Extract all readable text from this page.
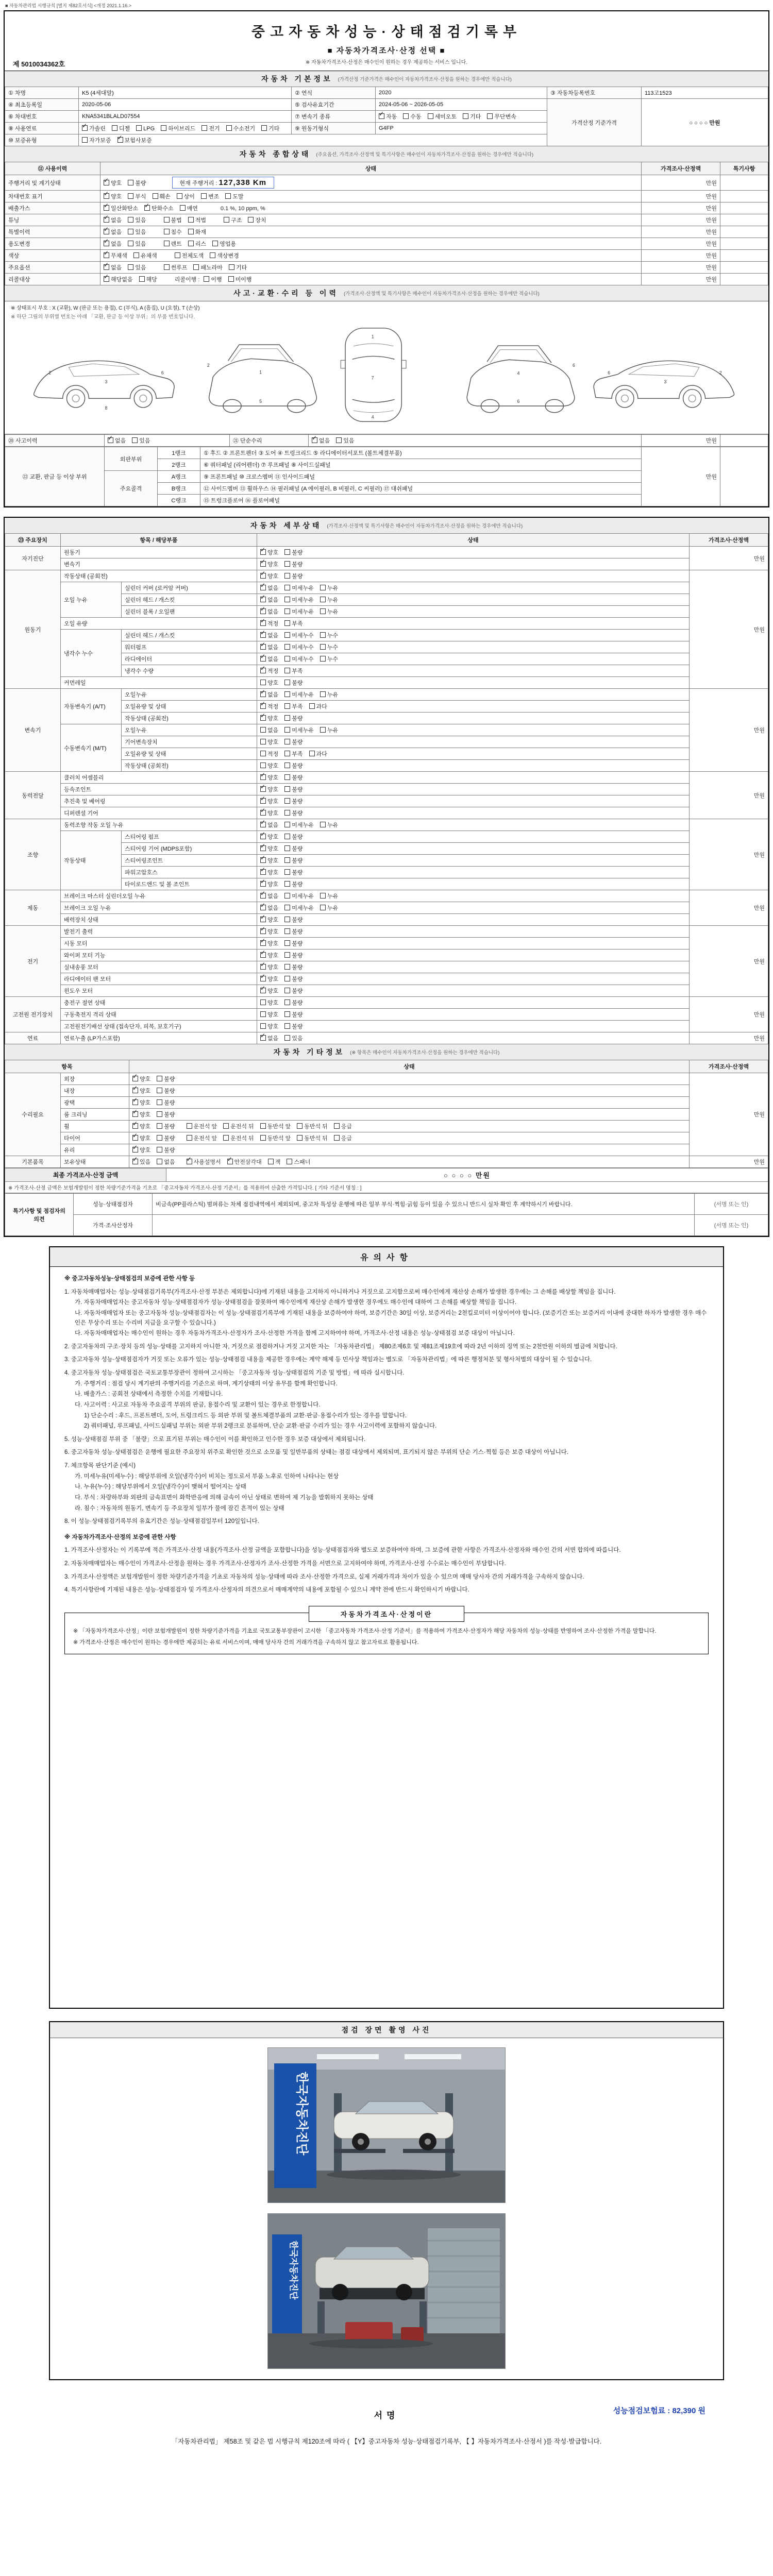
■ 자동차관리법 시행규칙 [별지 제82호서식] <개정 2021.1.16.>
제 5010034362호
중고자동차성능·상태점검기록부
■ 자동차가격조사·산정 선택 ■
※ 자동차가격조사·산정은 매수인이 원하는 경우 제공하는 서비스 입니다.
자동차 기본정보 (가격산정 기준가격은 매수인이 자동차가격조사·산정을 원하는 경우에만 적습니다)
① 차명	K5 (4세대말)	② 연식	2020	③ 자동차등록번호	113고1523
④ 최초등록일	2020-05-06	⑤ 검사유효기간	2024-05-06 ~ 2026-05-05	가격산정 기준가격	○ ○ ○ ○ 만원
⑥ 차대번호	KNA5341BLALD07554	⑦ 변속기 종류	✓자동 수동 세미오토 기타 무단변속
⑧ 사용연료	✓가솔린 디젤 LPG 하이브리드 전기 수소전기 기타	⑨ 원동기형식	G4FP		
⑩ 보증유형	자가보증 ✓ 보험사보증
자동차 종합상태 (주요옵션, 가격조사·산정액 및 특기사항은 매수인이 자동차가격조사·산정을 원하는 경우에만 적습니다)
⑪ 사용이력	상태	가격조사·산정액	특기사항
주행거리 및 계기상태	✓양호 불량 현재 주행거리 : 127,338 Km	만원	
차대번호 표기	✓양호 부식 훼손 상이 변조 도말	만원	
배출가스	✓일산화탄소 ✓ 탄화수소 매연 0.1 %, 10 ppm, %	만원	
튜닝	✓없음 있음 불법 적법 구조 장치	만원	
특별이력	✓없음 있음 침수 화재	만원	
용도변경	✓없음 있음 렌트 리스 영업용	만원	
색상	✓무채색 유채색 전체도색 색상변경	만원	
주요옵션	✓없음 있음 썬루프 패노라마 기타	만원	
리콜대상	✓해당없음 해당 리콜이행 : 이행 미이행	만원	
사고·교환·수리 등 이력 (가격조사·산정액 및 특기사항은 매수인이 자동차가격조사·산정을 원하는 경우에만 적습니다)
※ 상태표시 부호 : X (교환), W (판금 또는 용접), C (부식), A (흠집), U (요철), T (손상)
※ 하단 그림의 부위별 번호는 아래 「교환, 판금 등 이상 부위」의 부품 번호입니다.
2
3
6
8
1
5
2
1
7
4
4
6
6
6
3
2
⑳ 사고이력	✓없음 있음	㉑ 단순수리	✓없음 있음	만원	
㉒ 교환, 판금 등 이상 부위	외판부위	1랭크	① 후드 ② 프론트펜더 ③ 도어 ④ 트렁크리드 ⑤ 라디에이터서포트 (볼트체결부품)	만원	
		2랭크	⑥ 쿼터패널 (리어펜더) ⑦ 루프패널 ⑧ 사이드실패널		
	주요골격	A랭크	⑨ 프론트패널 ⑩ 크로스멤버 ⑪ 인사이드패널		
		B랭크	⑫ 사이드멤버 ⑬ 휠하우스 ⑭ 필러패널 (A 에이필러, B 비필러, C 씨필러) ⑰ 대쉬패널		
		C랭크	⑮ 트렁크플로어 ⑯ 플로어패널		
자동차 세부상태 (가격조사·산정액 및 특기사항은 매수인이 자동차가격조사·산정을 원하는 경우에만 적습니다)
㉓ 주요장치	항목 / 해당부품		상태	가격조사·산정액
자기진단	원동기	✓양호 불량	만원
	변속기	✓양호 불량
원동기	작동상태 (공회전)	✓양호 불량	만원
	오일 누유	실린더 커버 (로커암 커버)	✓없음 미세누유 누유
		실린더 헤드 / 개스킷	✓없음 미세누유 누유
		실린더 블록 / 오일팬	✓없음 미세누유 누유
	오일 유량	✓적정 부족
	냉각수 누수	실린더 헤드 / 개스킷	✓없음 미세누수 누수
		워터펌프	✓없음 미세누수 누수
		라디에이터	✓없음 미세누수 누수
		냉각수 수량	✓적정 부족
	커먼레일		양호 불량	
변속기	자동변속기 (A/T)	오일누유	✓없음 미세누유 누유	만원
		오일유량 및 상태	✓적정 부족 과다
		작동상태 (공회전)	✓양호 불량
	수동변속기 (M/T)	오일누유	없음 미세누유 누유	
		기어변속장치	양호 불량	
		오일유량 및 상태	적정 부족 과다	
		작동상태 (공회전)	양호 불량	
동력전달	클러치 어셈블리	✓양호 불량	만원
	등속조인트	✓양호 불량
	추진축 및 베어링	✓양호 불량
	디퍼렌셜 기어	✓양호 불량
조향	동력조향 작동 오일 누유	✓없음 미세누유 누유	만원
	작동상태	스티어링 펌프	✓양호 불량
		스티어링 기어 (MDPS포함)	✓양호 불량
		스티어링조인트	✓양호 불량
		파워고압호스	✓양호 불량
		타이로드엔드 및 볼 조인트	✓양호 불량
제동	브레이크 마스터 실린더오일 누유	✓없음 미세누유 누유	만원
	브레이크 오일 누유	✓없음 미세누유 누유
	배력장치 상태	✓양호 불량
전기	발전기 출력	✓양호 불량	만원
	시동 모터	✓양호 불량
	와이퍼 모터 기능	✓양호 불량
	실내송풍 모터	✓양호 불량
	라디에이터 팬 모터	✓양호 불량
	윈도우 모터	✓양호 불량
고전원 전기장치	충전구 절연 상태		양호 불량	만원
	구동축전지 격리 상태		양호 불량	
	고전원전기배선 상태 (접속단자, 피복, 보호기구)		양호 불량	
연료	연료누출 (LP가스포함)	✓없음 있음	만원
자동차 기타정보 (※ 항목은 매수인이 자동차가격조사·산정을 원하는 경우에만 적습니다)
항목		상태	가격조사·산정액
수리필요	외장	✓양호 불량	만원
	내장	✓양호 불량
	광택	✓양호 불량
	룸 크리닝	✓양호 불량
	휠	✓양호 불량 운전석 앞 운전석 뒤 동반석 앞 동반석 뒤 응급
	타이어	✓양호 불량 운전석 앞 운전석 뒤 동반석 앞 동반석 뒤 응급
	유리	✓양호 불량
기본품목	보유상태	✓있음 없음 ✓ 사용설명서 ✓ 안전삼각대 잭 스패너	만원
최종 가격조사·산정 금액	○ ○ ○ ○ 만원
※ 가격조사·산정 금액은 보험개발원이 정한 차량기준가격을 기초로 「중고자동차 가격조사·산정 기준서」를 적용하여 산출한 가격입니다. [ 기타 기준서 명칭 : ]
특기사항 및 점검자의 의견	성능·상태점검자	비금속(PP플라스틱) 범퍼류는 차체 점검내역에서 제외되며, 중고차 특성상 운행에 따른 일부 부식·찍힘·긁힘 등이 있을 수 있으니 반드시 실차 확인 후 계약하시기 바랍니다.	(서명 또는 인)
	가격·조사산정자		(서명 또는 인)
유의사항
※ 중고자동차성능·상태점검의 보증에 관한 사항 등
1. 자동차매매업자는 성능·상태점검기록부(가격조사·산정 부분은 제외합니다)에 기재된 내용을 고지하지 아니하거나 거짓으로 고지함으로써 매수인에게 재산상 손해가 발생한 경우에는 그 손해를 배상할 책임을 집니다.
가. 자동차매매업자는 중고자동차 성능·상태점검자가 성능·상태점검을 잘못하여 매수인에게 재산상 손해가 발생한 경우에도 매수인에 대하여 그 손해를 배상할 책임을 집니다.
나. 자동차매매업자 또는 중고자동차 성능·상태점검자는 이 성능·상태점검기록부에 기재된 내용을 보증하여야 하며, 보증기간은 30일 이상, 보증거리는 2천킬로미터 이상이어야 합니다. (보증기간 또는 보증거리 이내에 중대한 하자가 발생한 경우 매수인은 무상수리 또는 수리비 지급을 요구할 수 있습니다.)
다. 자동차매매업자는 매수인이 원하는 경우 자동차가격조사·산정자가 조사·산정한 가격을 함께 고지하여야 하며, 가격조사·산정 내용은 성능·상태점검 보증 대상이 아닙니다.
2. 중고자동차의 구조·장치 등의 성능·상태를 고지하지 아니한 자, 거짓으로 점검하거나 거짓 고지한 자는 「자동차관리법」 제80조제6호 및 제81조제19호에 따라 2년 이하의 징역 또는 2천만원 이하의 벌금에 처합니다.
3. 중고자동차 성능·상태점검자가 거짓 또는 오류가 있는 성능·상태점검 내용을 제공한 경우에는 계약 해제 등 민사상 책임과는 별도로 「자동차관리법」에 따른 행정처분 및 형사처벌의 대상이 될 수 있습니다.
4. 중고자동차 성능·상태점검은 국토교통부장관이 정하여 고시하는 「중고자동차 성능·상태점검의 기준 및 방법」에 따라 실시합니다.
가. 주행거리 : 점검 당시 계기판의 주행거리를 기준으로 하며, 계기상태의 이상 유무를 함께 확인합니다.
나. 배출가스 : 공회전 상태에서 측정한 수치를 기재합니다.
다. 사고이력 : 사고로 자동차 주요골격 부위의 판금, 용접수리 및 교환이 있는 경우로 한정합니다.
1) 단순수리 : 후드, 프론트펜더, 도어, 트렁크리드 등 외판 부위 및 볼트체결부품의 교환·판금·용접수리가 있는 경우를 말합니다.
2) 쿼터패널, 루프패널, 사이드실패널 부위는 외판 부위 2랭크로 분류하며, 단순 교환·판금 수리가 있는 경우 사고이력에 포함하지 않습니다.
5. 성능·상태점검 부위 중 「불량」으로 표기된 부위는 매수인이 이를 확인하고 인수한 경우 보증 대상에서 제외됩니다.
6. 중고자동차 성능·상태점검은 운행에 필요한 주요장치 위주로 확인한 것으로 소모품 및 일반부품의 상태는 점검 대상에서 제외되며, 표기되지 않은 부위의 단순 기스·찍힘 등은 보증 대상이 아닙니다.
7. 체크항목 판단기준 (예시)
가. 미세누유(미세누수) : 해당부위에 오일(냉각수)이 비치는 정도로서 부품 노후로 인하여 나타나는 현상
나. 누유(누수) : 해당부위에서 오일(냉각수)이 맺혀서 떨어지는 상태
다. 부식 : 차량하부와 외판의 금속표면이 화학반응에 의해 금속이 아닌 상태로 변하여 제 기능을 발휘하지 못하는 상태
라. 침수 : 자동차의 원동기, 변속기 등 주요장치 일부가 물에 잠긴 흔적이 있는 상태
8. 이 성능·상태점검기록부의 유효기간은 성능·상태점검일부터 120일입니다.
※ 자동차가격조사·산정의 보증에 관한 사항
1. 가격조사·산정자는 이 기록부에 적은 가격조사·산정 내용(가격조사·산정 금액을 포함합니다)을 성능·상태점검자와 별도로 보증하여야 하며, 그 보증에 관한 사항은 가격조사·산정자와 매수인 간의 서면 합의에 따릅니다.
2. 자동차매매업자는 매수인이 가격조사·산정을 원하는 경우 가격조사·산정자가 조사·산정한 가격을 서면으로 고지하여야 하며, 가격조사·산정 수수료는 매수인이 부담합니다.
3. 가격조사·산정액은 보험개발원이 정한 차량기준가격을 기초로 자동차의 성능·상태에 따라 조사·산정한 가격으로, 실제 거래가격과 차이가 있을 수 있으며 매매 당사자 간의 거래가격을 구속하지 않습니다.
4. 특기사항란에 기재된 내용은 성능·상태점검자 및 가격조사·산정자의 의견으로서 매매계약의 내용에 포함될 수 있으니 계약 전에 반드시 확인하시기 바랍니다.
자동차가격조사·산정이란
※ 「자동차가격조사·산정」이란 보험개발원이 정한 차량기준가격을 기초로 국토교통부장관이 고시한 「중고자동차 가격조사·산정 기준서」를 적용하여 가격조사·산정자가 해당 자동차의 성능·상태를 반영하여 조사·산정한 가격을 말합니다.
※ 가격조사·산정은 매수인이 원하는 경우에만 제공되는 유료 서비스이며, 매매 당사자 간의 거래가격을 구속하지 않고 참고자료로 활용됩니다.
점검 장면 촬영 사진
한국자동차진단
한국자동차진단
성능점검보험료 : 82,390 원
서명
「자동차관리법」 제58조 및 같은 법 시행규칙 제120조에 따라 ( 【Y】중고자동차 성능·상태점검기록부, 【 】자동차가격조사·산정서 )를 작성·발급합니다.
